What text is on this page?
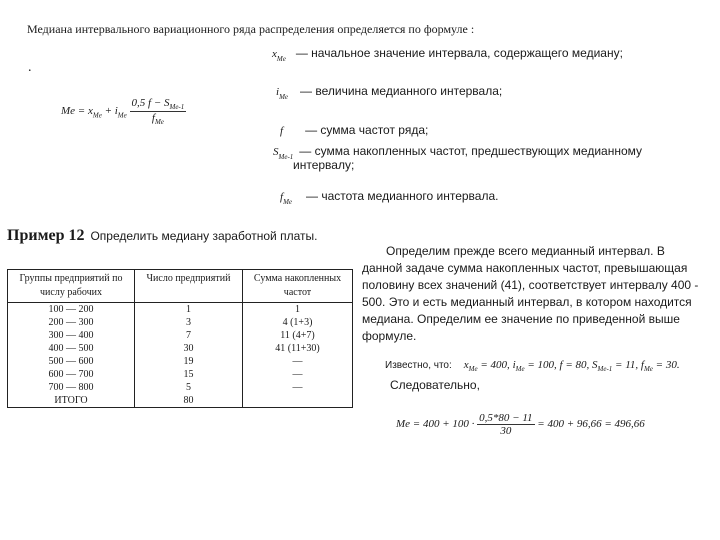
Медиана интервального вариационного ряда распределения определяется по формуле :
.
$Me = x_{Me} + i_{Me} \frac{0,5 f - S_{Me-1}}{f_{Me}}$
$x_{Me}$ — начальное значение интервала, содержащего медиану;
$i_{Me}$ — величина медианного интервала;
f — сумма частот ряда;
$S_{Me-1}$ — сумма накопленных частот, предшествующих медианному
интервалу;
$f_{Me}$ — частота медианного интервала.
Пример 12 Определить медиану заработной платы.
Группы предприятий по числу рабочих	Число предприятий	Сумма накопленных частот
100 — 200	1	1
200 — 300	3	4 (1+3)
300 — 400	7	11 (4+7)
400 — 500	30	41 (11+30)
500 — 600	19	—
600 — 700	15	—
700 — 800	5	—
ИТОГО	80	
Определим прежде всего медианный интервал. В данной задаче сумма накопленных частот, превышающая половину всех значений (41), соответствует интервалу 400 - 500. Это и есть медианный интервал, в котором находится медиана. Определим ее значение по приведенной выше формуле.
Известно, что: $x_{Me} = 400$, $i_{Me} = 100$, f = 80, $S_{Me-1} = 11$, $f_{Me} = 30$.
Следовательно,
$Me = 400 + 100 \cdot \frac{0,5*80 - 11}{30} = 400 + 96,66 = 496,66$
